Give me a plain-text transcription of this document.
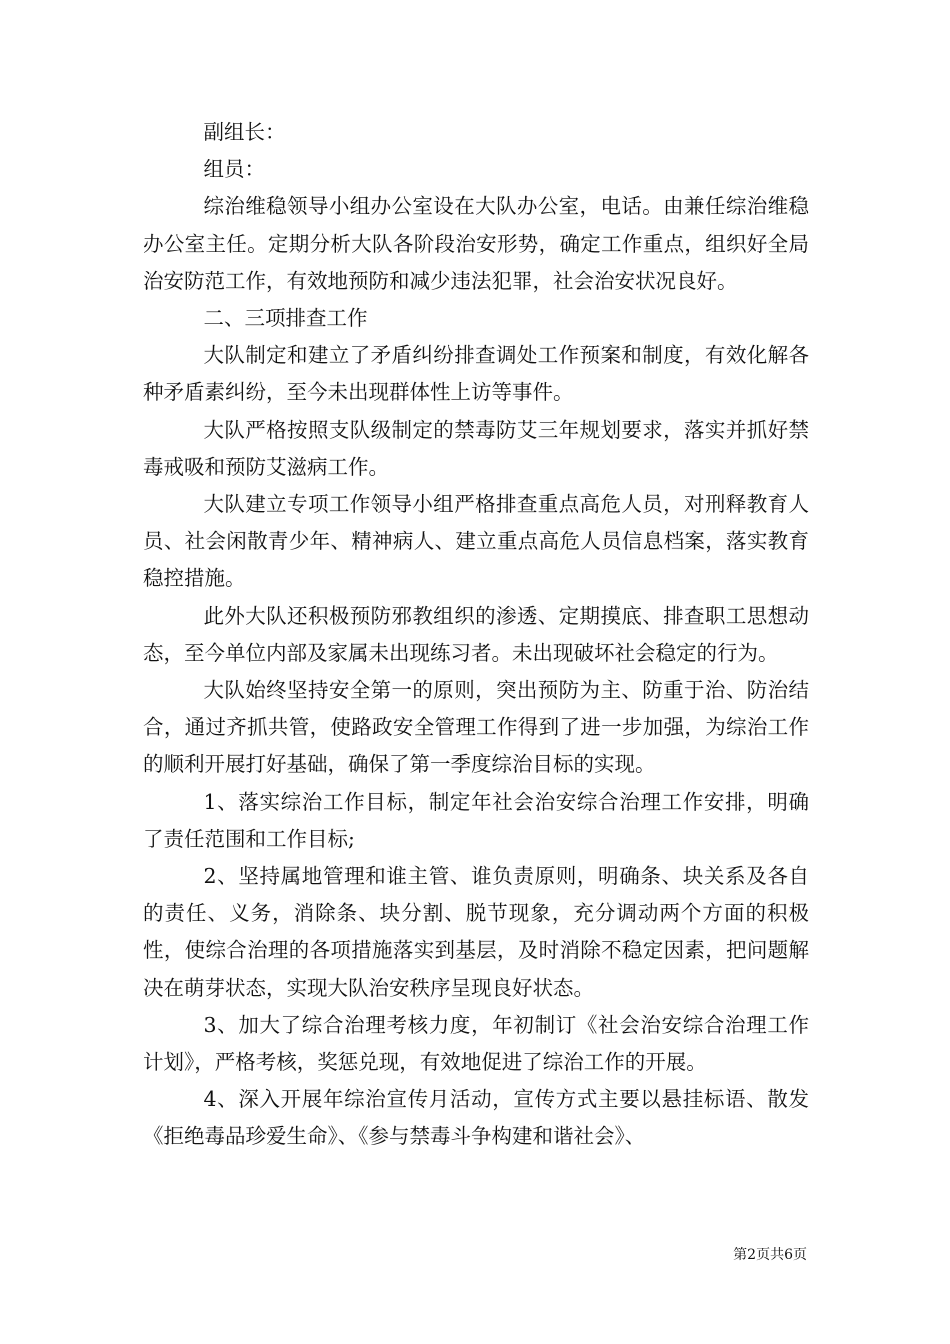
副组长：

组员：

综治维稳领导小组办公室设在大队办公室，电话。由兼任综治维稳办公室主任。定期分析大队各阶段治安形势，确定工作重点，组织好全局治安防范工作，有效地预防和减少违法犯罪，社会治安状况良好。

二、三项排查工作

大队制定和建立了矛盾纠纷排查调处工作预案和制度，有效化解各种矛盾素纠纷，至今未出现群体性上访等事件。

大队严格按照支队级制定的禁毒防艾三年规划要求，落实并抓好禁毒戒吸和预防艾滋病工作。

大队建立专项工作领导小组严格排查重点高危人员，对刑释教育人员、社会闲散青少年、精神病人、建立重点高危人员信息档案，落实教育稳控措施。

此外大队还积极预防邪教组织的渗透、定期摸底、排查职工思想动态，至今单位内部及家属未出现练习者。未出现破坏社会稳定的行为。

大队始终坚持安全第一的原则，突出预防为主、防重于治、防治结合，通过齐抓共管，使路政安全管理工作得到了进一步加强，为综治工作的顺利开展打好基础，确保了第一季度综治目标的实现。

1、落实综治工作目标，制定年社会治安综合治理工作安排，明确了责任范围和工作目标;

2、坚持属地管理和谁主管、谁负责原则，明确条、块关系及各自的责任、义务，消除条、块分割、脱节现象，充分调动两个方面的积极性，使综合治理的各项措施落实到基层，及时消除不稳定因素，把问题解决在萌芽状态，实现大队治安秩序呈现良好状态。

3、加大了综合治理考核力度，年初制订《社会治安综合治理工作计划》，严格考核，奖惩兑现，有效地促进了综治工作的开展。

4、深入开展年综治宣传月活动，宣传方式主要以悬挂标语、散发《拒绝毒品珍爱生命》、《参与禁毒斗争构建和谐社会》、

第2页共6页
